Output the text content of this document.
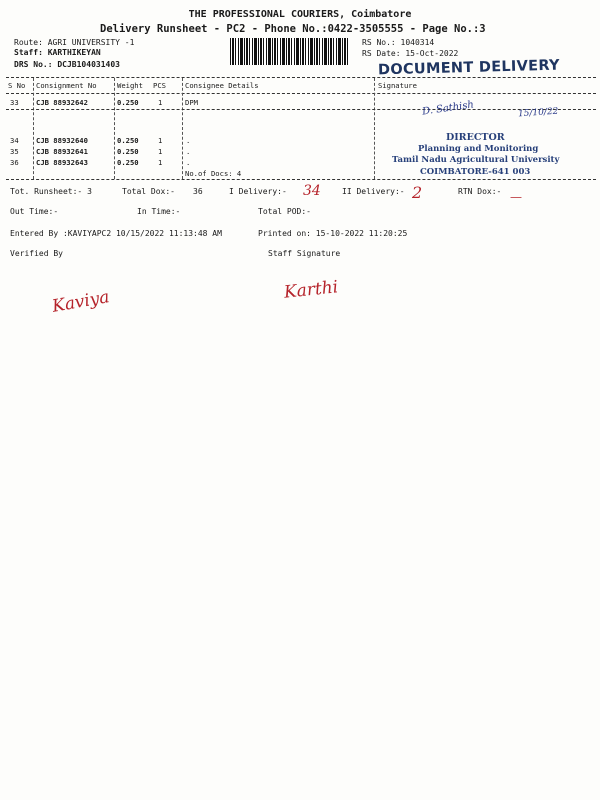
THE PROFESSIONAL COURIERS, Coimbatore
Delivery Runsheet - PC2 - Phone No.:0422-3505555 - Page No.:3
Route: AGRI UNIVERSITY -1
Staff: KARTHIKEYAN
DRS No.: DCJB104031403
RS No.: 1040314
RS Date: 15-Oct-2022
DOCUMENT DELIVERY
S No Consignment No	Weight PCS	Consignee Details	Signature
33 CJB 88932642	0.250	1	DPM
34 CJB 88932640	0.250	1	.
35 CJB 88932641	0.250	1	.
36 CJB 88932643	0.250	1	.
No.of Docs: 4
D. Sathish	15/10/22
DIRECTOR
Planning and Monitoring
Tamil Nadu Agricultural University
COIMBATORE-641 003
Tot. Runsheet:- 3	Total Dox:- 36	I Delivery:- 34	II Delivery:- 2	RTN Dox:- —
Out Time:-	In Time:-	Total POD:-
Entered By :KAVIYAPC2 10/15/2022 11:13:48 AM	Printed on: 15-10-2022 11:20:25
Verified By	Staff Signature
Kaviya	Karthi
